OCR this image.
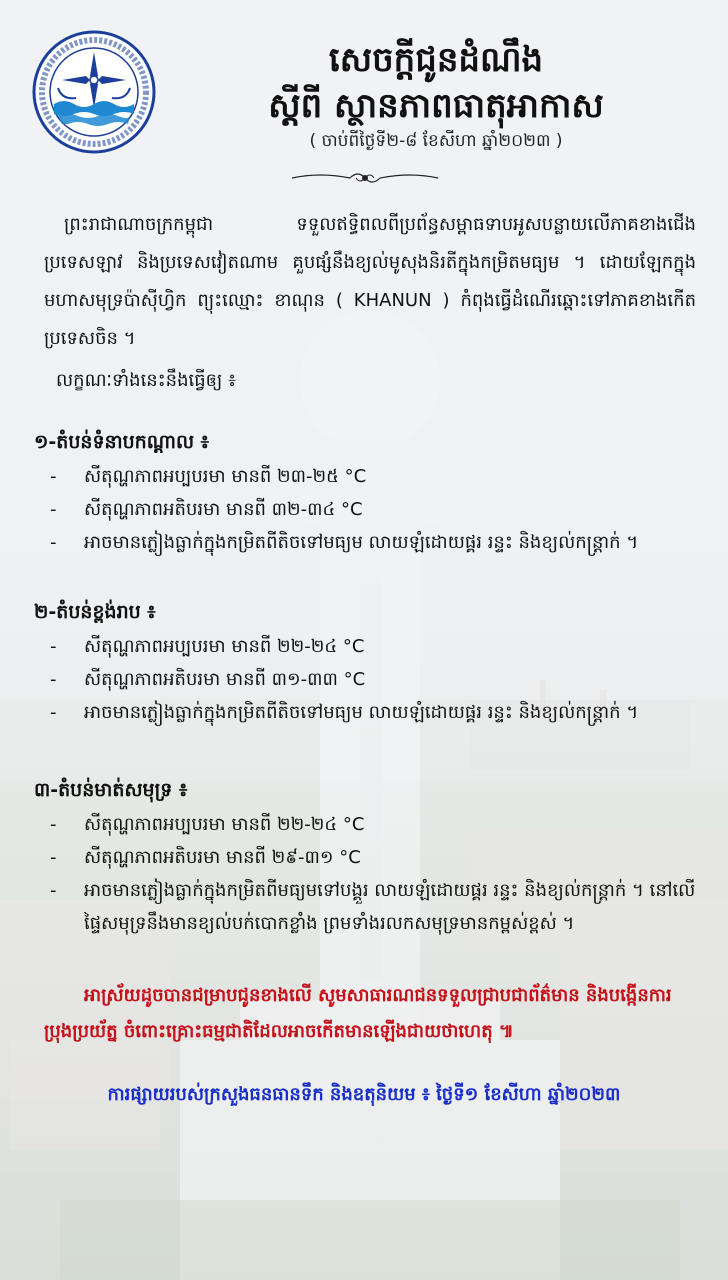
សេចក្ដីជូនដំណឹង
ស្ដីពី ស្ថានភាពធាតុអាកាស
( ចាប់ពីថ្ងៃទី២-៨ ខែសីហា ឆ្នាំ២០២៣ )

ព្រះរាជាណាចក្រកម្ពុជា ទទួលឥទ្ធិពលពីប្រព័ន្ធសម្ពាធទាបអូសបន្លាយលើភាគខាងជើងប្រទេសឡាវ និងប្រទេសវៀតណាម គួបផ្សំនឹងខ្យល់មូសុងនិរតីក្នុងកម្រិតមធ្យម ។ ដោយឡែកក្នុងមហាសមុទ្រប៉ាស៊ីហ្វិក ព្យុះឈ្មោះ ខាណុន ( KHANUN ) កំពុងធ្វើដំណើរឆ្ពោះទៅភាគខាងកើតប្រទេសចិន ។

លក្ខណៈទាំងនេះនឹងធ្វើឲ្យ ៖
១-តំបន់ទំនាបកណ្ដាល ៖
- សីតុណ្ហភាពអប្បបរមា មានពី ២៣-២៥ °C
- សីតុណ្ហភាពអតិបរមា មានពី ៣២-៣៤ °C
- អាចមានភ្លៀងធ្លាក់ក្នុងកម្រិតពីតិចទៅមធ្យម លាយឡំដោយផ្គរ រន្ទះ និងខ្យល់កន្ត្រាក់ ។
២-តំបន់ខ្ពង់រាប ៖
- សីតុណ្ហភាពអប្បបរមា មានពី ២២-២៤ °C
- សីតុណ្ហភាពអតិបរមា មានពី ៣១-៣៣ °C
- អាចមានភ្លៀងធ្លាក់ក្នុងកម្រិតពីតិចទៅមធ្យម លាយឡំដោយផ្គរ រន្ទះ និងខ្យល់កន្ត្រាក់ ។
៣-តំបន់មាត់សមុទ្រ ៖
- សីតុណ្ហភាពអប្បបរមា មានពី ២២-២៤ °C
- សីតុណ្ហភាពអតិបរមា មានពី ២៩-៣១ °C
- អាចមានភ្លៀងធ្លាក់ក្នុងកម្រិតពីមធ្យមទៅបង្គួរ លាយឡំដោយផ្គរ រន្ទះ និងខ្យល់កន្ត្រាក់ ។ នៅលើផ្ទៃសមុទ្រនឹងមានខ្យល់បក់បោកខ្លាំង ព្រមទាំងរលកសមុទ្រមានកម្ពស់ខ្ពស់ ។

អាស្រ័យដូចបានជម្រាបជូនខាងលើ សូមសាធារណជនទទួលជ្រាបជាព័ត៌មាន និងបង្កើនការប្រុងប្រយ័ត្ន ចំពោះគ្រោះធម្មជាតិដែលអាចកើតមានឡើងជាយថាហេតុ ៕

ការផ្សាយរបស់ក្រសួងធនធានទឹក និងឧតុនិយម ៖ ថ្ងៃទី១ ខែសីហា ឆ្នាំ២០២៣
